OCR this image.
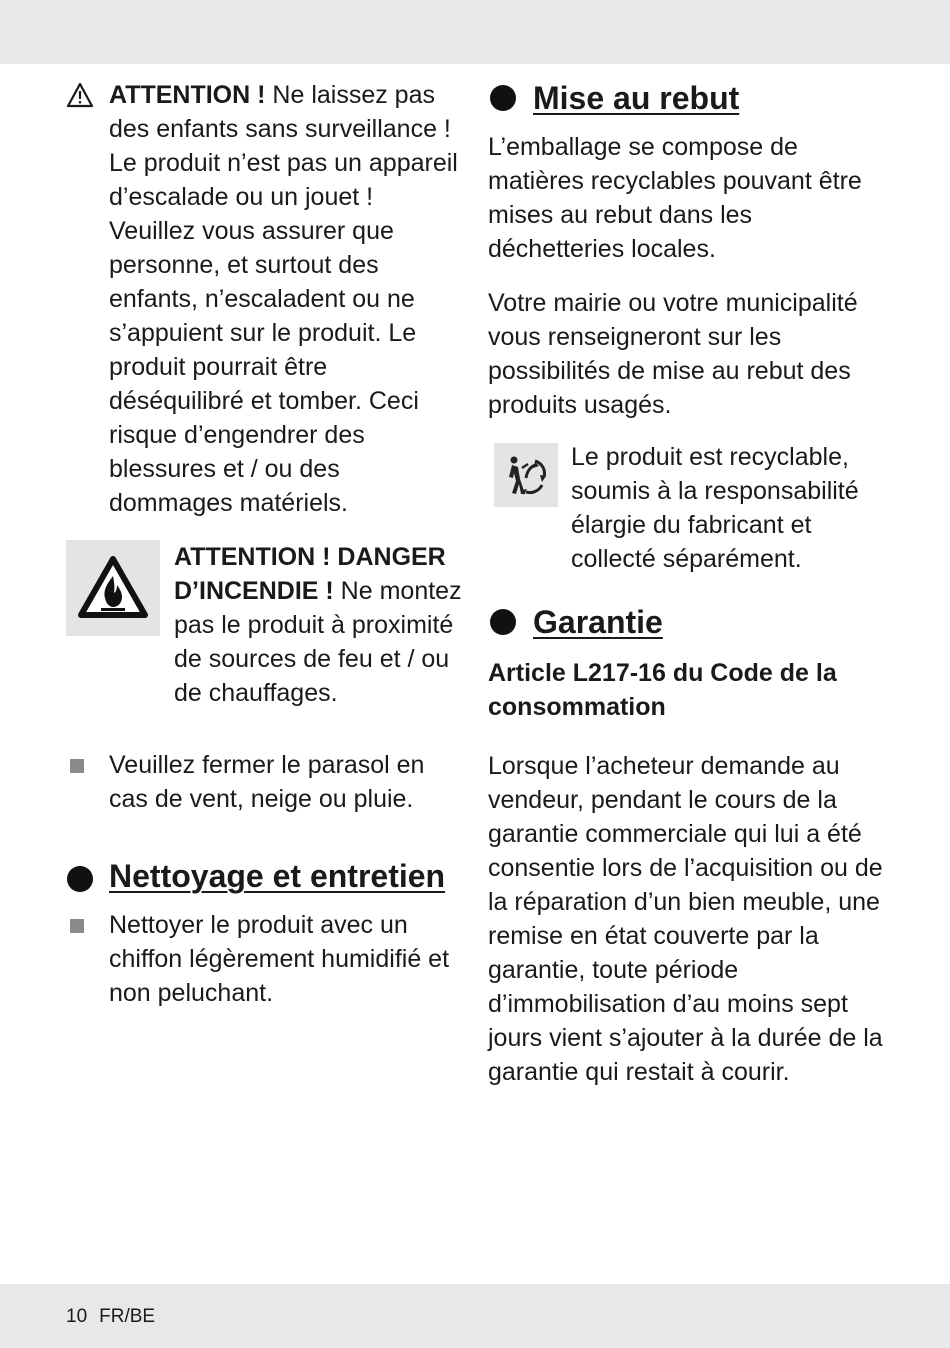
ATTENTION ! Ne laissez pas des enfants sans surveillance ! Le produit n’est pas un appareil d’escalade ou un jouet ! Veuillez vous assurer que personne, et surtout des enfants, n’escaladent ou ne s’appuient sur le produit. Le produit pourrait être déséquilibré et tomber. Ceci risque d’engendrer des blessures et / ou des dommages matériels.

ATTENTION ! DANGER D’INCENDIE ! Ne montez pas le produit à proximité de sources de feu et / ou de chauffages.

Veuillez fermer le parasol en cas de vent, neige ou pluie.

Nettoyage et entretien

Nettoyer le produit avec un chiffon légèrement humidifié et non peluchant.

Mise au rebut

L’emballage se compose de matières recyclables pouvant être mises au rebut dans les déchetteries locales.

Votre mairie ou votre municipalité vous renseigneront sur les possibilités de mise au rebut des produits usagés.

Le produit est recyclable, soumis à la responsabilité élargie du fabricant et collecté séparément.

Garantie

Article L217-16 du Code de la consommation

Lorsque l’acheteur demande au vendeur, pendant le cours de la garantie commerciale qui lui a été consentie lors de l’acquisition ou de la réparation d’un bien meuble, une remise en état couverte par la garantie, toute période d’immobilisation d’au moins sept jours vient s’ajouter à la durée de la garantie qui restait à courir.

10 FR/BE
